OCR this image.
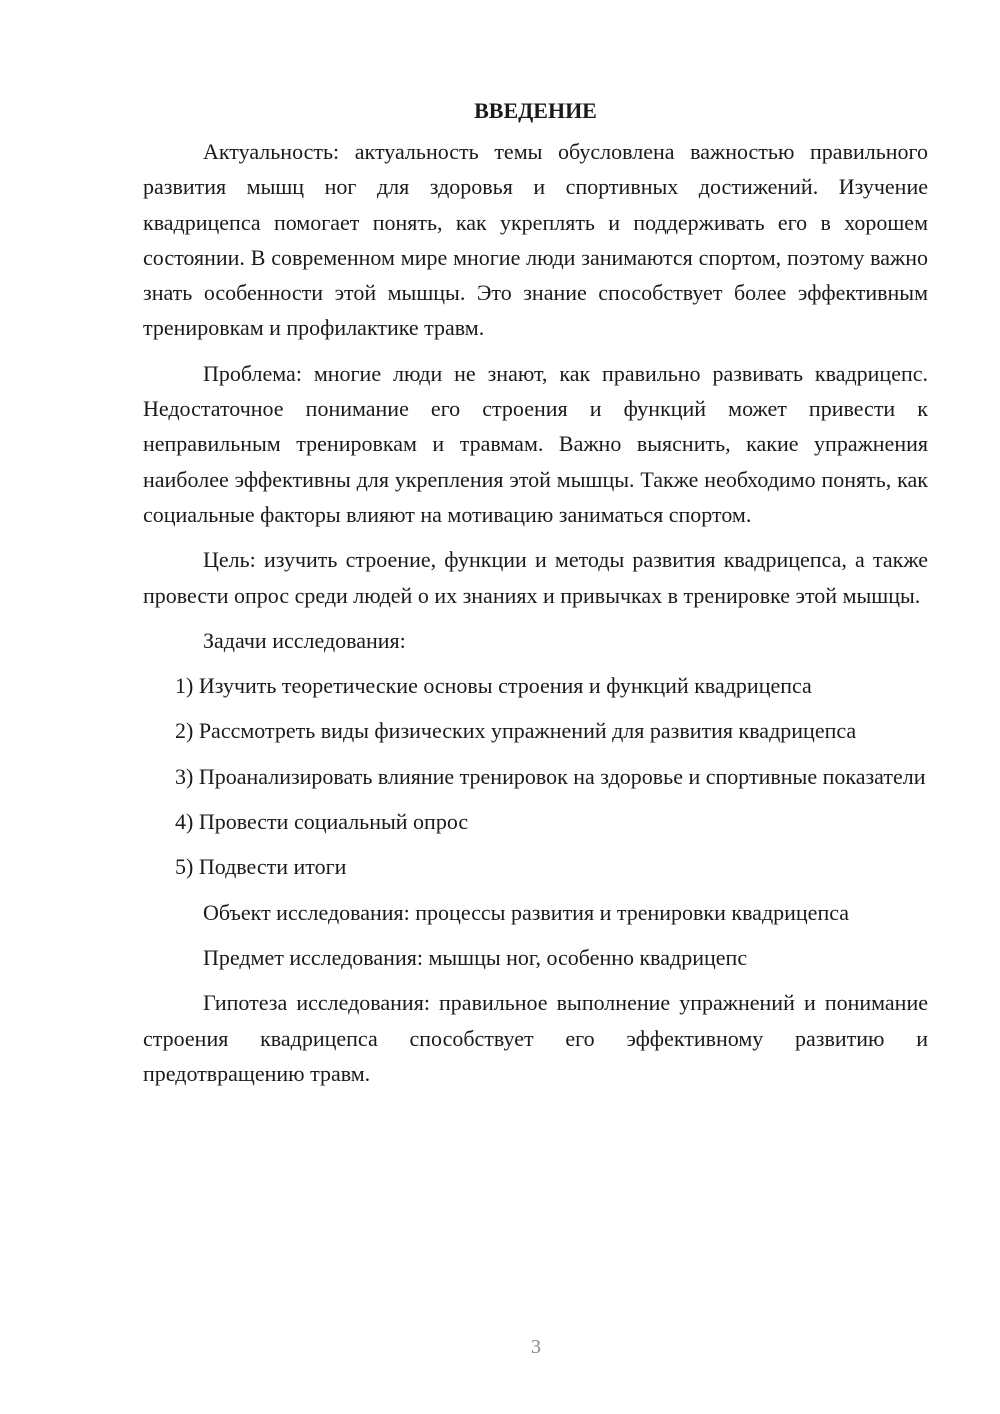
ВВЕДЕНИЕ

Актуальность: актуальность темы обусловлена важностью правильного развития мышц ног для здоровья и спортивных достижений. Изучение квадрицепса помогает понять, как укреплять и поддерживать его в хорошем состоянии. В современном мире многие люди занимаются спортом, поэтому важно знать особенности этой мышцы. Это знание способствует более эффективным тренировкам и профилактике травм.

Проблема: многие люди не знают, как правильно развивать квадрицепс. Недостаточное понимание его строения и функций может привести к неправильным тренировкам и травмам. Важно выяснить, какие упражнения наиболее эффективны для укрепления этой мышцы. Также необходимо понять, как социальные факторы влияют на мотивацию заниматься спортом.

Цель: изучить строение, функции и методы развития квадрицепса, а также провести опрос среди людей о их знаниях и привычках в тренировке этой мышцы.

Задачи исследования:

1) Изучить теоретические основы строения и функций квадрицепса

2) Рассмотреть виды физических упражнений для развития квадрицепса

3) Проанализировать влияние тренировок на здоровье и спортивные показатели

4) Провести социальный опрос

5) Подвести итоги

Объект исследования: процессы развития и тренировки квадрицепса

Предмет исследования: мышцы ног, особенно квадрицепс

Гипотеза исследования: правильное выполнение упражнений и понимание строения квадрицепса способствует его эффективному развитию и предотвращению травм.

3
